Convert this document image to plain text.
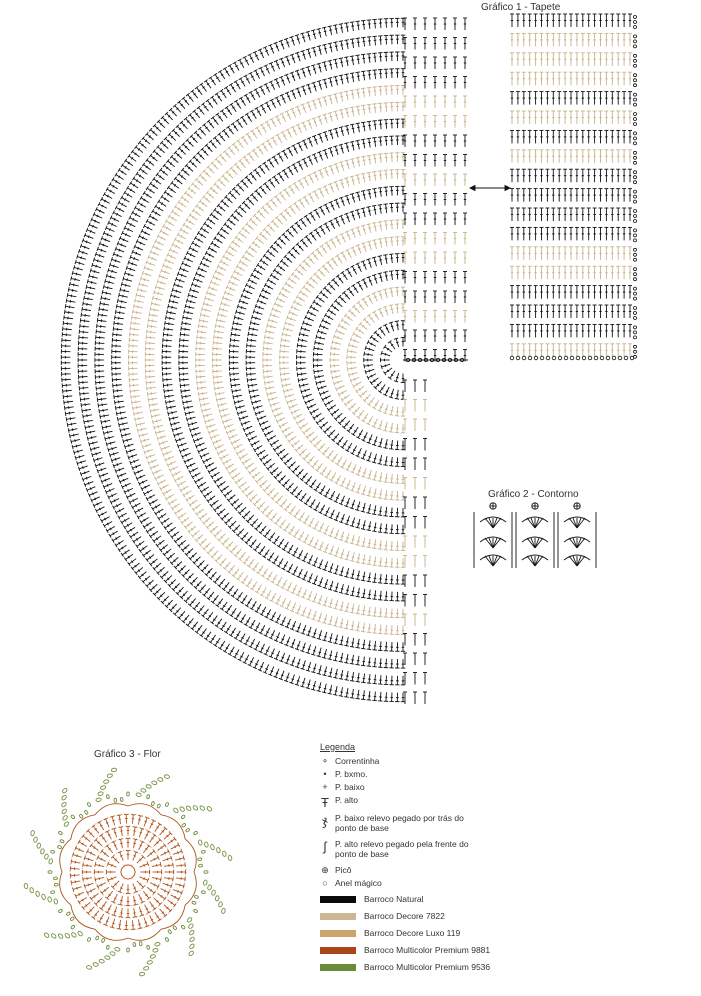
Gráfico 1 - Tapete
Gráfico 2 - Contorno
Gráfico 3 - Flor
Legenda
⚬ Correntinha
• P. bxmo.
+ P. baixo
Ŧ P. alto
ჯ P. baixo relevo pegado por trás do ponto de base
ʃ	P. alto relevo pegado pela frente do ponto de base
⊕ Picô
○ Anel mágico
Barroco Natural
Barroco Decore 7822
Barroco Decore Luxo 119
Barroco Multicolor Premium 9881
Barroco Multicolor Premium 9536
